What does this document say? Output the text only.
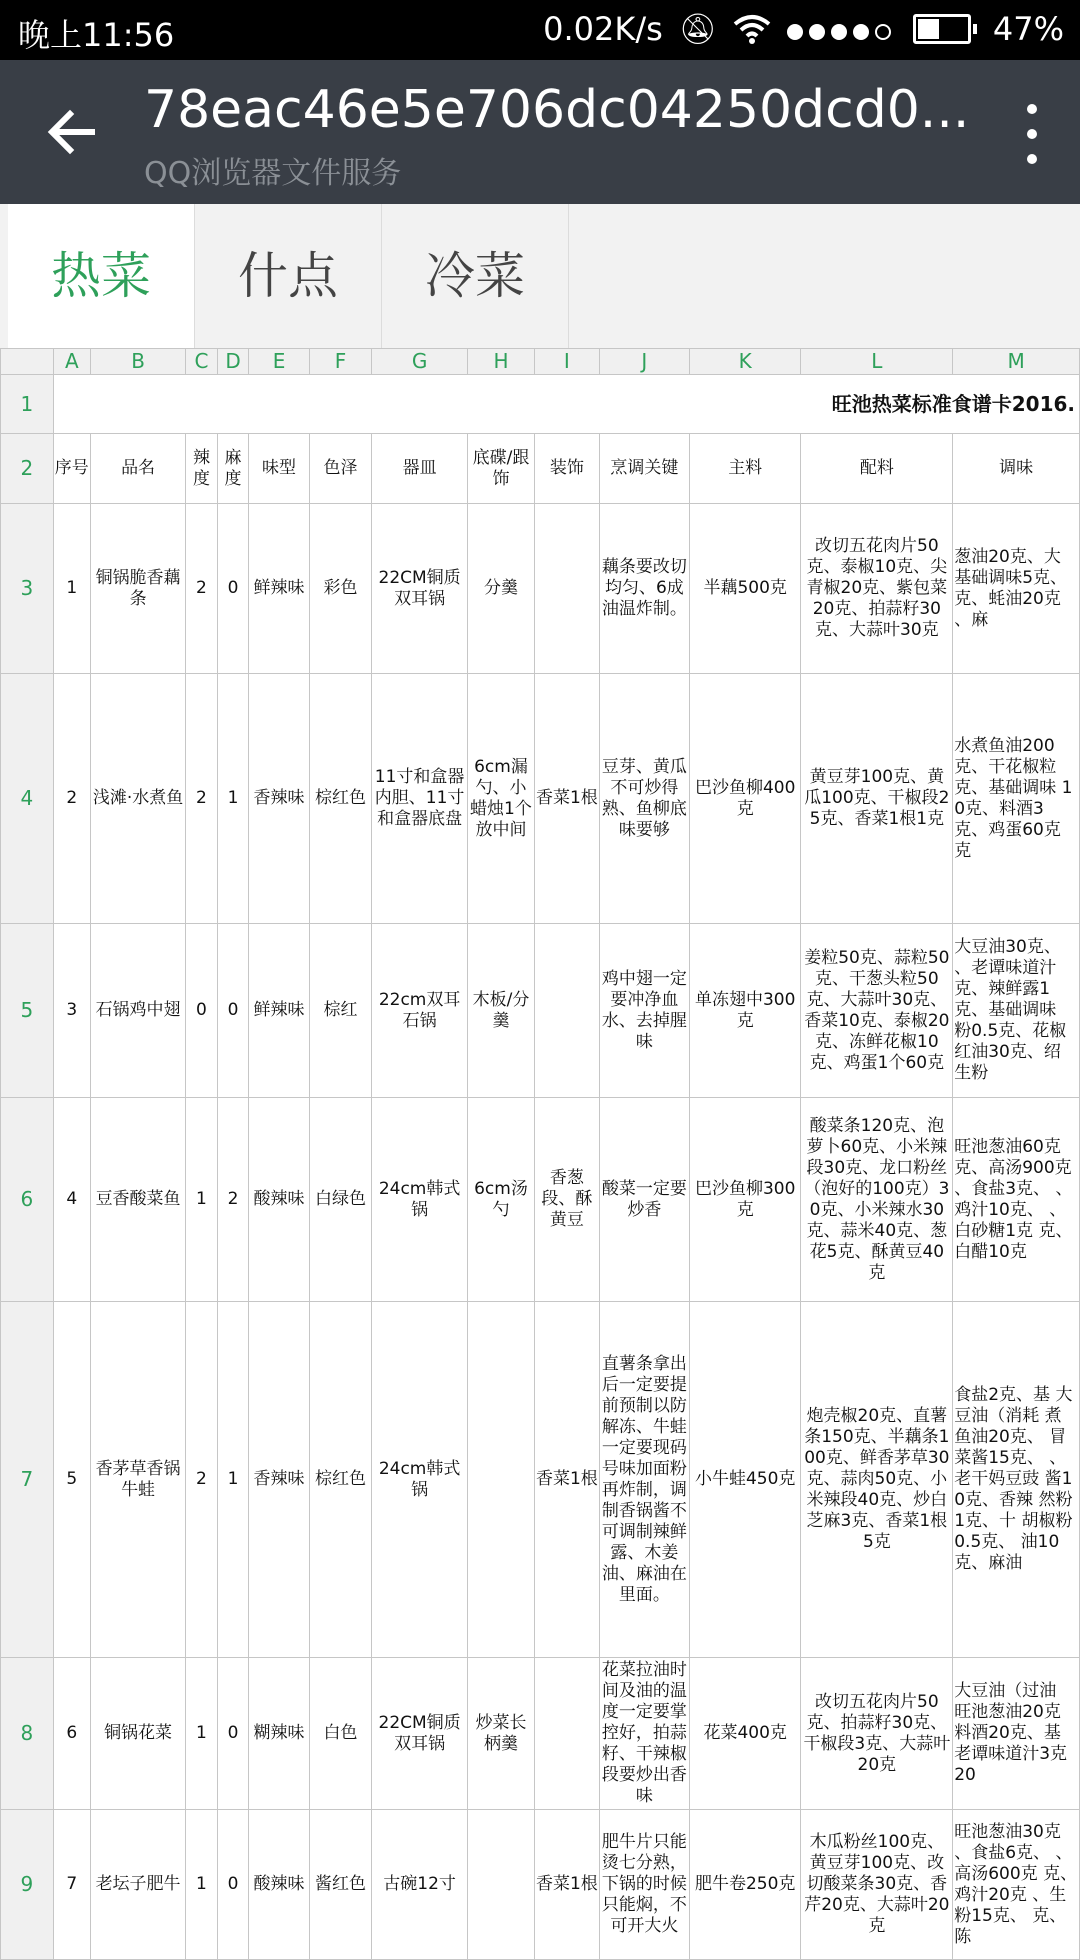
晚上11:56	0.02K/s 🔕︎	47%
78eac46e5e706dc04250dcd0...
QQ浏览器文件服务
热菜	什点	冷菜
	A	B	C	D	E	F	G	H	I	J	K	L	M
1	旺池热菜标准食谱卡2016.												
2	序号	品名	辣度	麻度	味型	色泽	器皿	底碟/跟饰	装饰	烹调关键	主料	配料	调味
3	1	铜锅脆香藕条	2	0	鲜辣味	彩色	22CM铜质双耳锅	分羹		藕条要改切均匀、6成油温炸制。	半藕500克	改切五花肉片50克、泰椒10克、尖青椒20克、紫包菜20克、拍蒜籽30克、大蒜叶30克	葱油20克、大 基础调味5克、 克、蚝油20克 、麻
4	2	浅滩·水煮鱼	2	1	香辣味	棕红色	11寸和盒器内胆、11寸和盒器底盘	6cm漏勺、小蜡烛1个放中间	香菜1根	豆芽、黄瓜不可炒得熟、鱼柳底味要够	巴沙鱼柳400克	黄豆芽100克、黄瓜100克、干椒段25克、香菜1根1克	水煮鱼油200克、干花椒粒 克、基础调味 10克、料酒3 克、鸡蛋60克 克
5	3	石锅鸡中翅	0	0	鲜辣味	棕红	22cm双耳石锅	木板/分羹		鸡中翅一定要冲净血水、去掉腥味	单冻翅中300克	姜粒50克、蒜粒50克、干葱头粒50克、大蒜叶30克、香菜10克、泰椒20克、冻鲜花椒10克、鸡蛋1个60克	大豆油30克、 、老谭味道汁 克、辣鲜露1 克、基础调味 粉0.5克、花椒 红油30克、绍 生粉
6	4	豆香酸菜鱼	1	2	酸辣味	白绿色	24cm韩式锅	6cm汤勺	香葱段、酥黄豆	酸菜一定要炒香	巴沙鱼柳300克	酸菜条120克、泡萝卜60克、小米辣段30克、龙口粉丝（泡好的100克）30克、小米辣水30克、蒜米40克、葱花5克、酥黄豆40克	旺池葱油60克 克、高汤900克 、食盐3克、 、鸡汁10克、 、白砂糖1克 克、白醋10克
7	5	香茅草香锅牛蛙	2	1	香辣味	棕红色	24cm韩式锅		香菜1根	直薯条拿出后一定要提前预制以防解冻、牛蛙一定要现码号味加面粉再炸制，调制香锅酱不可调制辣鲜露、木姜油、麻油在里面。	小牛蛙450克	炮壳椒20克、直薯条150克、半藕条100克、鲜香茅草30克、蒜肉50克、小米辣段40克、炒白芝麻3克、香菜1根5克	食盐2克、基 大豆油（消耗 煮鱼油20克、 冒菜酱15克、 、老干妈豆豉 酱10克、香辣 然粉1克、十 胡椒粉0.5克、 油10克、麻油
8	6	铜锅花菜	1	0	糊辣味	白色	22CM铜质双耳锅	炒菜长柄羹		花菜拉油时间及油的温度一定要掌控好，拍蒜籽、干辣椒段要炒出香味	花菜400克	改切五花肉片50克、拍蒜籽30克、干椒段3克、大蒜叶20克	大豆油（过油 旺池葱油20克 料酒20克、基 老谭味道汁3克 20
9	7	老坛子肥牛	1	0	酸辣味	酱红色	古碗12寸		香菜1根	肥牛片只能烫七分熟，下锅的时候只能焖，不可开大火	肥牛卷250克	木瓜粉丝100克、黄豆芽100克、改切酸菜条30克、香芹20克、大蒜叶20克	旺池葱油30克 、食盐6克、 、高汤600克 克、鸡汁20克 、生粉15克、 克、陈
